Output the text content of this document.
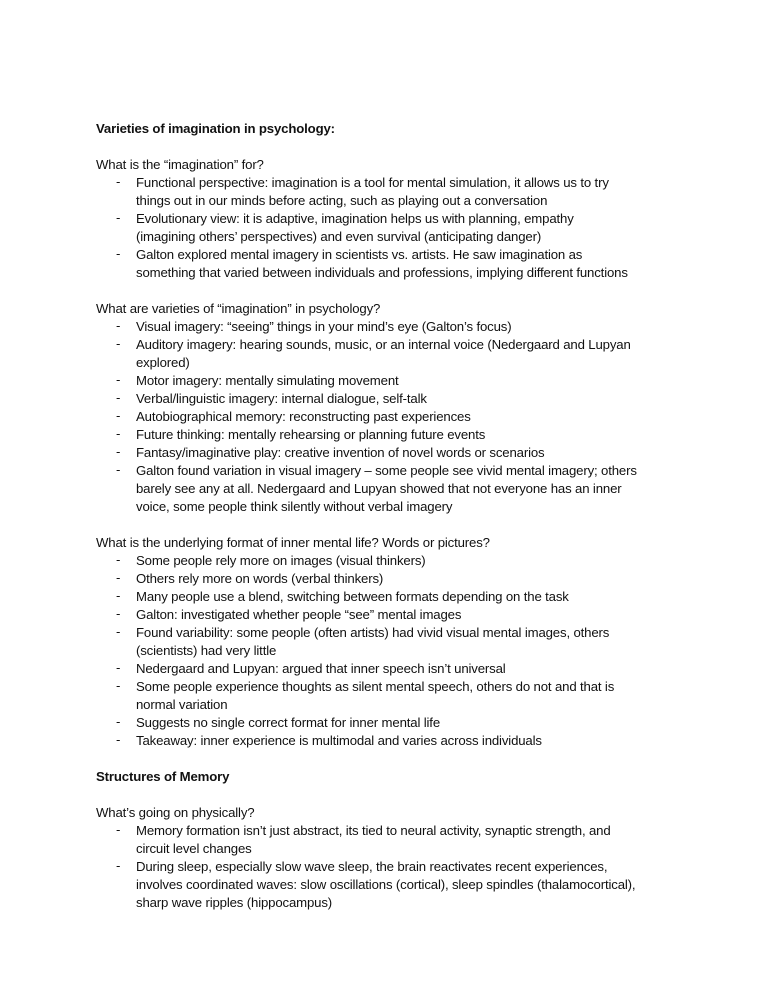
Varieties of imagination in psychology:
What is the “imagination” for?
- Functional perspective: imagination is a tool for mental simulation, it allows us to try
things out in our minds before acting, such as playing out a conversation
- Evolutionary view: it is adaptive, imagination helps us with planning, empathy
(imagining others’ perspectives) and even survival (anticipating danger)
- Galton explored mental imagery in scientists vs. artists. He saw imagination as
something that varied between individuals and professions, implying different functions
What are varieties of “imagination” in psychology?
- Visual imagery: “seeing” things in your mind’s eye (Galton’s focus)
- Auditory imagery: hearing sounds, music, or an internal voice (Nedergaard and Lupyan
explored)
- Motor imagery: mentally simulating movement
- Verbal/linguistic imagery: internal dialogue, self-talk
- Autobiographical memory: reconstructing past experiences
- Future thinking: mentally rehearsing or planning future events
- Fantasy/imaginative play: creative invention of novel words or scenarios
- Galton found variation in visual imagery – some people see vivid mental imagery; others
barely see any at all. Nedergaard and Lupyan showed that not everyone has an inner
voice, some people think silently without verbal imagery
What is the underlying format of inner mental life? Words or pictures?
- Some people rely more on images (visual thinkers)
- Others rely more on words (verbal thinkers)
- Many people use a blend, switching between formats depending on the task
- Galton: investigated whether people “see” mental images
- Found variability: some people (often artists) had vivid visual mental images, others
(scientists) had very little
- Nedergaard and Lupyan: argued that inner speech isn’t universal
- Some people experience thoughts as silent mental speech, others do not and that is
normal variation
- Suggests no single correct format for inner mental life
- Takeaway: inner experience is multimodal and varies across individuals
Structures of Memory
What’s going on physically?
- Memory formation isn’t just abstract, its tied to neural activity, synaptic strength, and
circuit level changes
- During sleep, especially slow wave sleep, the brain reactivates recent experiences,
involves coordinated waves: slow oscillations (cortical), sleep spindles (thalamocortical),
sharp wave ripples (hippocampus)
